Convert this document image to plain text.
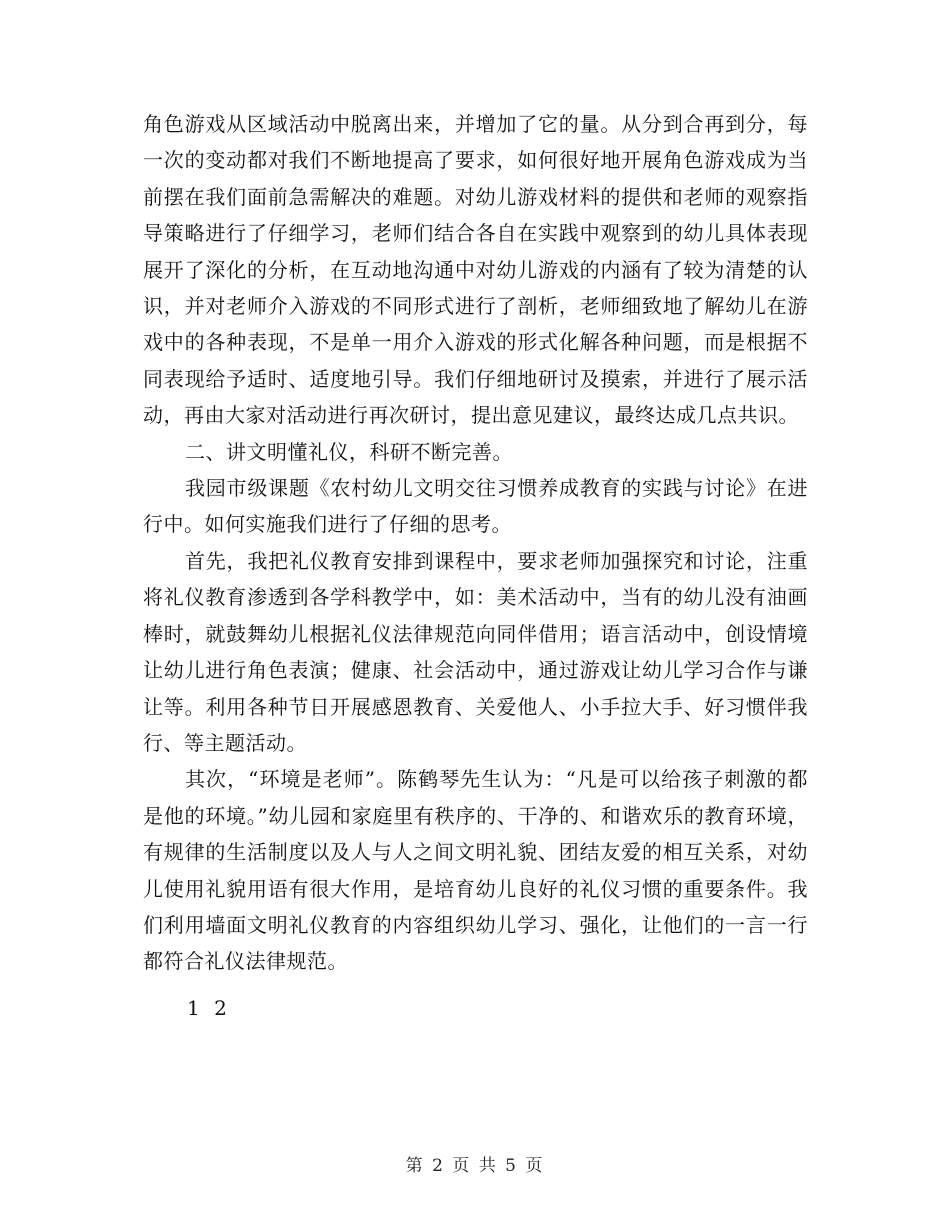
角色游戏从区域活动中脱离出来，并增加了它的量。从分到合再到分，每一次的变动都对我们不断地提高了要求，如何很好地开展角色游戏成为当前摆在我们面前急需解决的难题。对幼儿游戏材料的提供和老师的观察指导策略进行了仔细学习，老师们结合各自在实践中观察到的幼儿具体表现展开了深化的分析，在互动地沟通中对幼儿游戏的内涵有了较为清楚的认识，并对老师介入游戏的不同形式进行了剖析，老师细致地了解幼儿在游戏中的各种表现，不是单一用介入游戏的形式化解各种问题，而是根据不同表现给予适时、适度地引导。我们仔细地研讨及摸索，并进行了展示活动，再由大家对活动进行再次研讨，提出意见建议，最终达成几点共识。

二、讲文明懂礼仪，科研不断完善。

我园市级课题《农村幼儿文明交往习惯养成教育的实践与讨论》在进行中。如何实施我们进行了仔细的思考。

首先，我把礼仪教育安排到课程中，要求老师加强探究和讨论，注重将礼仪教育渗透到各学科教学中，如：美术活动中，当有的幼儿没有油画棒时，就鼓舞幼儿根据礼仪法律规范向同伴借用；语言活动中，创设情境让幼儿进行角色表演；健康、社会活动中，通过游戏让幼儿学习合作与谦让等。利用各种节日开展感恩教育、关爱他人、小手拉大手、好习惯伴我行、等主题活动。

其次，“环境是老师”。陈鹤琴先生认为：“凡是可以给孩子刺激的都是他的环境。”幼儿园和家庭里有秩序的、干净的、和谐欢乐的教育环境，有规律的生活制度以及人与人之间文明礼貌、团结友爱的相互关系，对幼儿使用礼貌用语有很大作用，是培育幼儿良好的礼仪习惯的重要条件。我们利用墙面文明礼仪教育的内容组织幼儿学习、强化，让他们的一言一行都符合礼仪法律规范。

1 2

第 2 页 共 5 页
